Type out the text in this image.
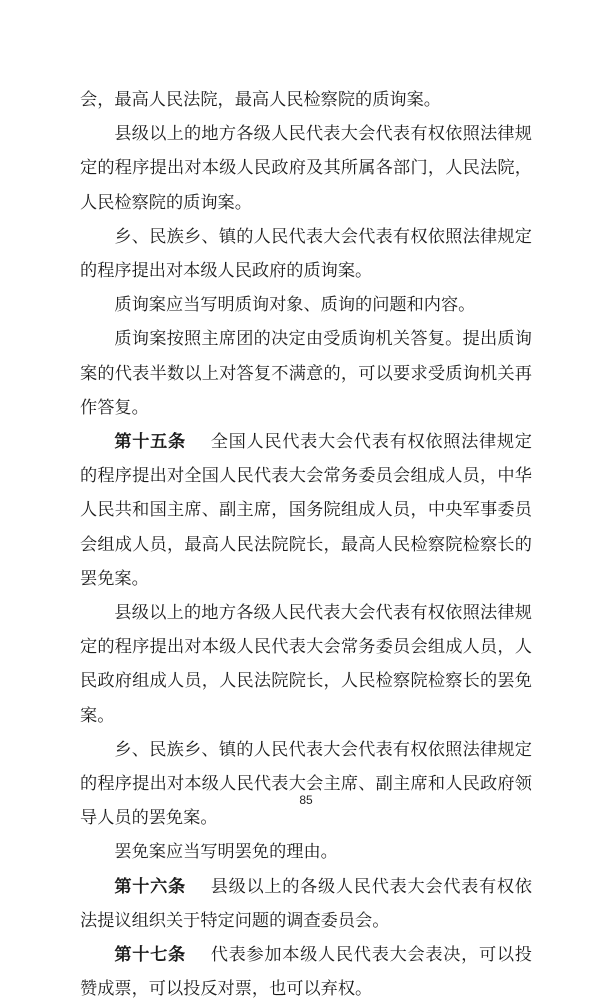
会，最高人民法院，最高人民检察院的质询案。

县级以上的地方各级人民代表大会代表有权依照法律规定的程序提出对本级人民政府及其所属各部门，人民法院，人民检察院的质询案。

乡、民族乡、镇的人民代表大会代表有权依照法律规定的程序提出对本级人民政府的质询案。

质询案应当写明质询对象、质询的问题和内容。

质询案按照主席团的决定由受质询机关答复。提出质询案的代表半数以上对答复不满意的，可以要求受质询机关再作答复。

第十五条 全国人民代表大会代表有权依照法律规定的程序提出对全国人民代表大会常务委员会组成人员，中华人民共和国主席、副主席，国务院组成人员，中央军事委员会组成人员，最高人民法院院长，最高人民检察院检察长的罢免案。

县级以上的地方各级人民代表大会代表有权依照法律规定的程序提出对本级人民代表大会常务委员会组成人员，人民政府组成人员，人民法院院长，人民检察院检察长的罢免案。

乡、民族乡、镇的人民代表大会代表有权依照法律规定的程序提出对本级人民代表大会主席、副主席和人民政府领导人员的罢免案。

罢免案应当写明罢免的理由。

第十六条 县级以上的各级人民代表大会代表有权依法提议组织关于特定问题的调查委员会。

第十七条 代表参加本级人民代表大会表决，可以投赞成票，可以投反对票，也可以弃权。

85
